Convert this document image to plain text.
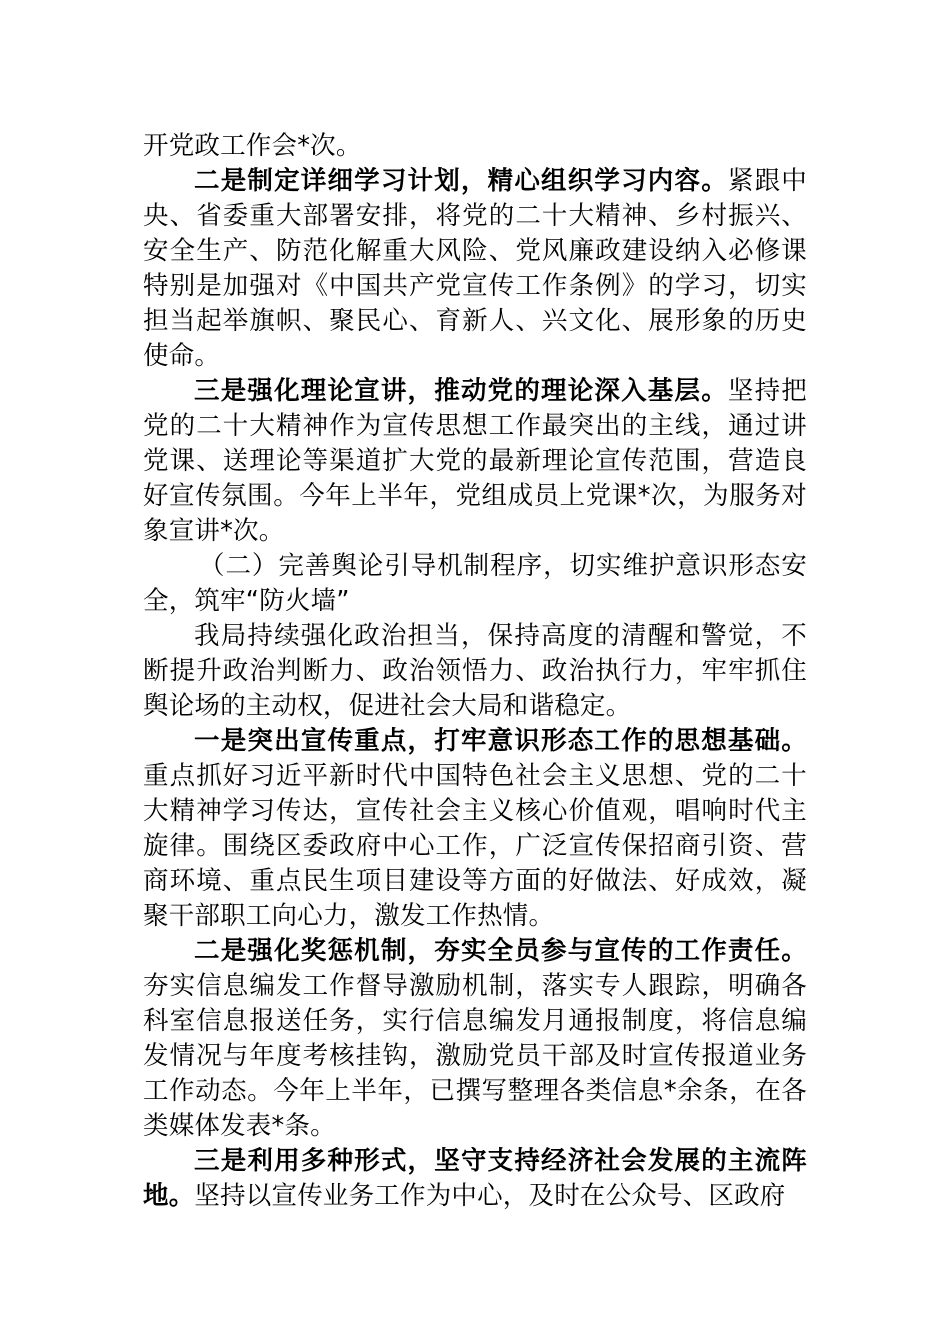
开党政工作会*次。

二是制定详细学习计划，精心组织学习内容。紧跟中央、省委重大部署安排，将党的二十大精神、乡村振兴、安全生产、防范化解重大风险、党风廉政建设纳入必修课特别是加强对《中国共产党宣传工作条例》的学习，切实担当起举旗帜、聚民心、育新人、兴文化、展形象的历史使命。

三是强化理论宣讲，推动党的理论深入基层。坚持把党的二十大精神作为宣传思想工作最突出的主线，通过讲党课、送理论等渠道扩大党的最新理论宣传范围，营造良好宣传氛围。今年上半年，党组成员上党课*次，为服务对象宣讲*次。

（二）完善舆论引导机制程序，切实维护意识形态安全，筑牢“防火墙”

我局持续强化政治担当，保持高度的清醒和警觉，不断提升政治判断力、政治领悟力、政治执行力，牢牢抓住舆论场的主动权，促进社会大局和谐稳定。

一是突出宣传重点，打牢意识形态工作的思想基础。重点抓好习近平新时代中国特色社会主义思想、党的二十大精神学习传达，宣传社会主义核心价值观，唱响时代主旋律。围绕区委政府中心工作，广泛宣传保招商引资、营商环境、重点民生项目建设等方面的好做法、好成效，凝聚干部职工向心力，激发工作热情。

二是强化奖惩机制，夯实全员参与宣传的工作责任。夯实信息编发工作督导激励机制，落实专人跟踪，明确各科室信息报送任务，实行信息编发月通报制度，将信息编发情况与年度考核挂钩，激励党员干部及时宣传报道业务工作动态。今年上半年，已撰写整理各类信息*余条，在各类媒体发表*条。

三是利用多种形式，坚守支持经济社会发展的主流阵地。坚持以宣传业务工作为中心，及时在公众号、区政府
